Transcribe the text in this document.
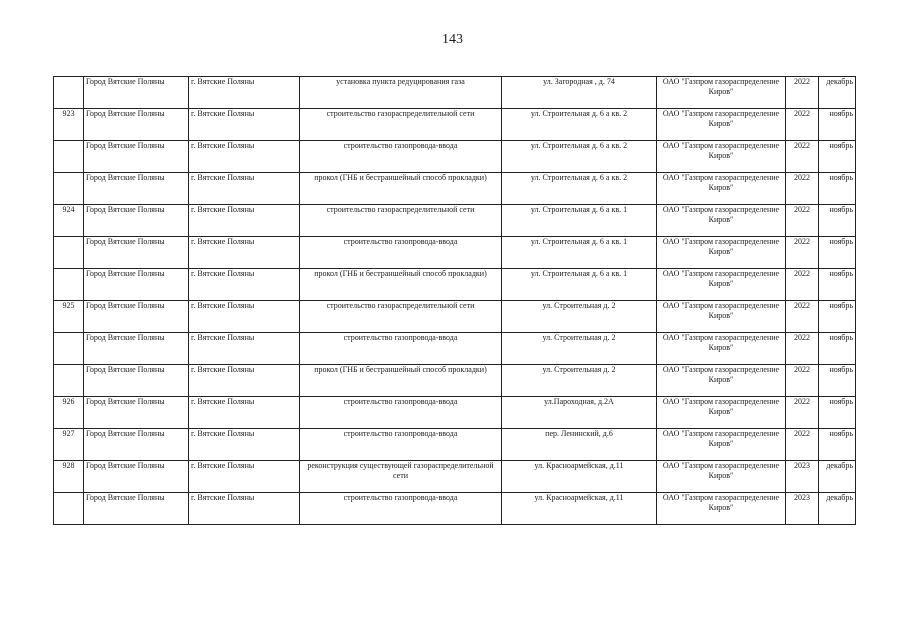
143
	Город Вятские Поляны	г. Вятские Поляны	установка пункта редуцирования газа	ул. Загородная , д. 74	ОАО "Газпром газораспределение Киров"	2022	декабрь
923	Город Вятские Поляны	г. Вятские Поляны	строительство газораспределительной сети	ул. Строительная д. 6 а кв. 2	ОАО "Газпром газораспределение Киров"	2022	ноябрь
	Город Вятские Поляны	г. Вятские Поляны	строительство газопровода-ввода	ул. Строительная д. 6 а кв. 2	ОАО "Газпром газораспределение Киров"	2022	ноябрь
	Город Вятские Поляны	г. Вятские Поляны	прокол (ГНБ и бестраншейный способ прокладки)	ул. Строительная д. 6 а кв. 2	ОАО "Газпром газораспределение Киров"	2022	ноябрь
924	Город Вятские Поляны	г. Вятские Поляны	строительство газораспределительной сети	ул. Строительная д. 6 а кв. 1	ОАО "Газпром газораспределение Киров"	2022	ноябрь
	Город Вятские Поляны	г. Вятские Поляны	строительство газопровода-ввода	ул. Строительная д. 6 а кв. 1	ОАО "Газпром газораспределение Киров"	2022	ноябрь
	Город Вятские Поляны	г. Вятские Поляны	прокол (ГНБ и бестраншейный способ прокладки)	ул. Строительная д. 6 а кв. 1	ОАО "Газпром газораспределение Киров"	2022	ноябрь
925	Город Вятские Поляны	г. Вятские Поляны	строительство газораспределительной сети	ул. Строительная д. 2	ОАО "Газпром газораспределение Киров"	2022	ноябрь
	Город Вятские Поляны	г. Вятские Поляны	строительство газопровода-ввода	ул. Строительная д. 2	ОАО "Газпром газораспределение Киров"	2022	ноябрь
	Город Вятские Поляны	г. Вятские Поляны	прокол (ГНБ и бестраншейный способ прокладки)	ул. Строительная д. 2	ОАО "Газпром газораспределение Киров"	2022	ноябрь
926	Город Вятские Поляны	г. Вятские Поляны	строительство газопровода-ввода	ул.Пароходная, д.2А	ОАО "Газпром газораспределение Киров"	2022	ноябрь
927	Город Вятские Поляны	г. Вятские Поляны	строительство газопровода-ввода	пер. Ленинский, д.6	ОАО "Газпром газораспределение Киров"	2022	ноябрь
928	Город Вятские Поляны	г. Вятские Поляны	реконструкция существующей газораспределительной сети	ул. Красноармейская, д.11	ОАО "Газпром газораспределение Киров"	2023	декабрь
	Город Вятские Поляны	г. Вятские Поляны	строительство газопровода-ввода	ул. Красноармейская, д.11	ОАО "Газпром газораспределение Киров"	2023	декабрь
